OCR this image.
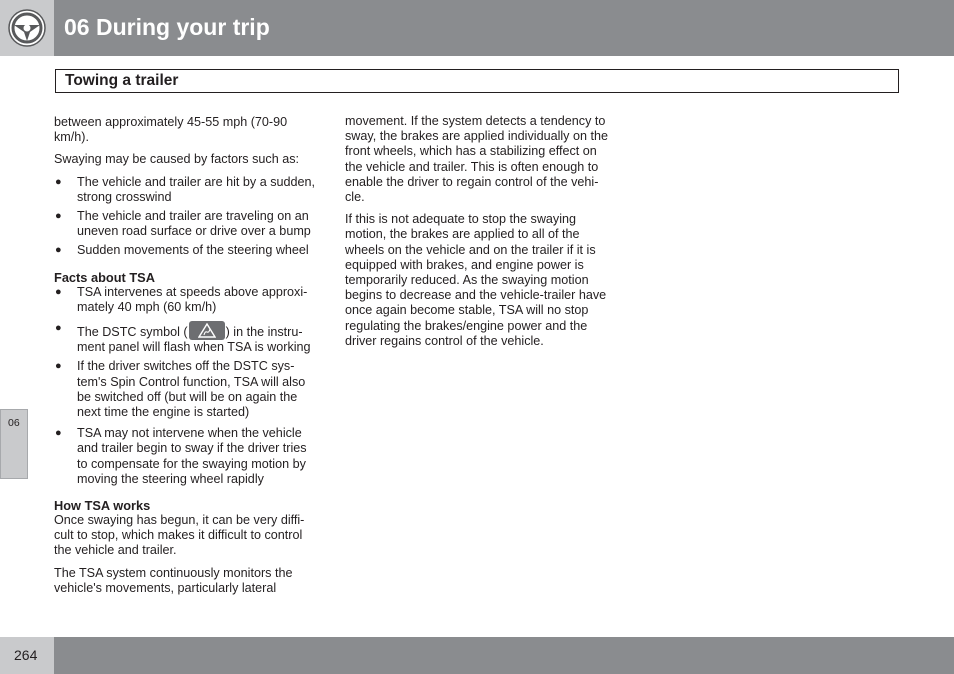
06 During your trip
Towing a trailer

between approximately 45-55 mph (70-90 km/h).

Swaying may be caused by factors such as:

● The vehicle and trailer are hit by a sudden, strong crosswind
● The vehicle and trailer are traveling on an uneven road surface or drive over a bump
● Sudden movements of the steering wheel
Facts about TSA
● TSA intervenes at speeds above approxi- mately 40 mph (60 km/h)
● The DSTC symbol (	) in the instru- ment panel will flash when TSA is working
● If the driver switches off the DSTC sys- tem's Spin Control function, TSA will also be switched off (but will be on again the next time the engine is started)
● TSA may not intervene when the vehicle and trailer begin to sway if the driver tries to compensate for the swaying motion by moving the steering wheel rapidly
How TSA works

Once swaying has begun, it can be very diffi- cult to stop, which makes it difficult to control the vehicle and trailer.

The TSA system continuously monitors the vehicle's movements, particularly lateral

movement. If the system detects a tendency to sway, the brakes are applied individually on the front wheels, which has a stabilizing effect on the vehicle and trailer. This is often enough to enable the driver to regain control of the vehi- cle.

If this is not adequate to stop the swaying motion, the brakes are applied to all of the wheels on the vehicle and on the trailer if it is equipped with brakes, and engine power is temporarily reduced. As the swaying motion begins to decrease and the vehicle-trailer have once again become stable, TSA will no stop regulating the brakes/engine power and the driver regains control of the vehicle.

06
264
